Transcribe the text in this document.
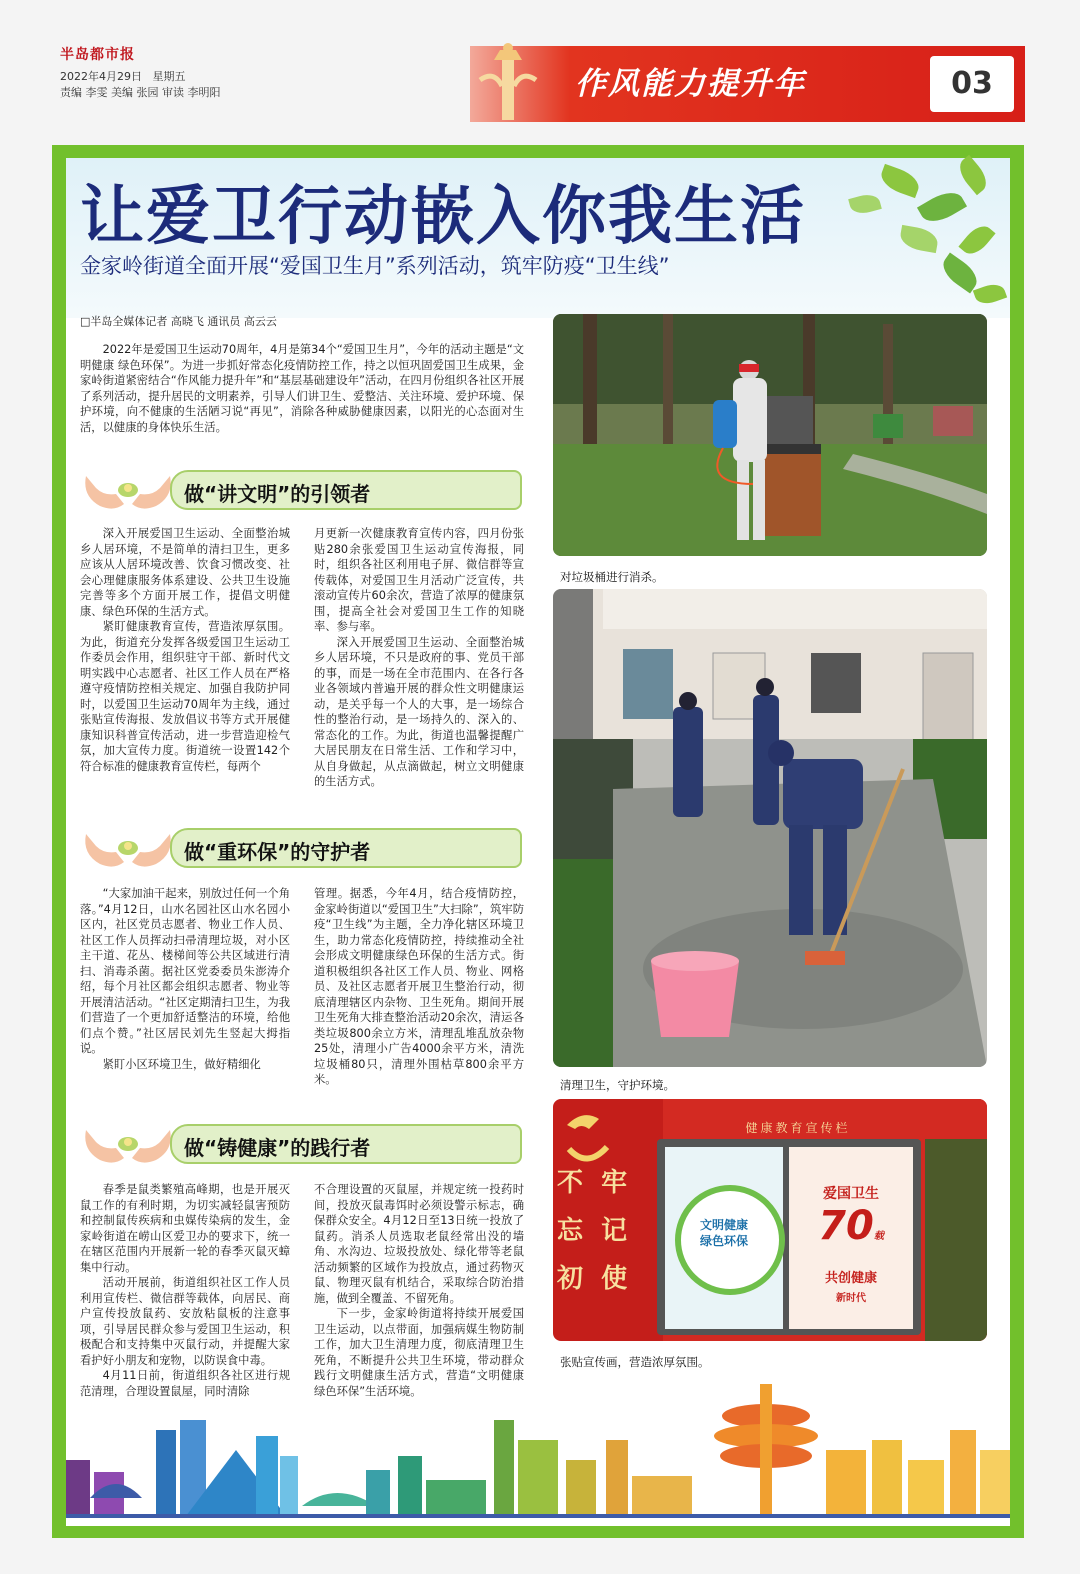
半岛都市报
2022年4月29日 星期五
责编 李雯 美编 张园 审读 李明阳	作风能力提升年	03
让爱卫行动嵌入你我生活
金家岭街道全面开展“爱国卫生月”系列活动，筑牢防疫“卫生线”
□半岛全媒体记者 高晓飞 通讯员 高云云

2022年是爱国卫生运动70周年，4月是第34个“爱国卫生月”，今年的活动主题是“文明健康 绿色环保”。为进一步抓好常态化疫情防控工作，持之以恒巩固爱国卫生成果，金家岭街道紧密结合“作风能力提升年”和“基层基础建设年”活动，在四月份组织各社区开展了系列活动，提升居民的文明素养，引导人们讲卫生、爱整洁、关注环境、爱护环境、保护环境，向不健康的生活陋习说“再见”，消除各种威胁健康因素，以阳光的心态面对生活，以健康的身体快乐生活。

做“讲文明”的引领者

深入开展爱国卫生运动、全面整治城乡人居环境，不是简单的清扫卫生，更多应该从人居环境改善、饮食习惯改变、社会心理健康服务体系建设、公共卫生设施完善等多个方面开展工作，提倡文明健康、绿色环保的生活方式。

紧盯健康教育宣传，营造浓厚氛围。为此，街道充分发挥各级爱国卫生运动工作委员会作用，组织驻守干部、新时代文明实践中心志愿者、社区工作人员在严格遵守疫情防控相关规定、加强自我防护同时，以爱国卫生运动70周年为主线，通过张贴宣传海报、发放倡议书等方式开展健康知识科普宣传活动，进一步营造迎检气氛，加大宣传力度。街道统一设置142个符合标准的健康教育宣传栏，每两个

月更新一次健康教育宣传内容，四月份张贴280余张爱国卫生运动宣传海报，同时，组织各社区利用电子屏、微信群等宣传载体，对爱国卫生月活动广泛宣传，共滚动宣传片60余次，营造了浓厚的健康氛围，提高全社会对爱国卫生工作的知晓率、参与率。

深入开展爱国卫生运动、全面整治城乡人居环境，不只是政府的事、党员干部的事，而是一场在全市范围内、在各行各业各领域内普遍开展的群众性文明健康运动，是关乎每一个人的大事，是一场综合性的整治行动，是一场持久的、深入的、常态化的工作。为此，街道也温馨提醒广大居民朋友在日常生活、工作和学习中，从自身做起，从点滴做起，树立文明健康的生活方式。

做“重环保”的守护者

“大家加油干起来，别放过任何一个角落。”4月12日，山水名园社区山水名园小区内，社区党员志愿者、物业工作人员、社区工作人员挥动扫帚清理垃圾，对小区主干道、花丛、楼梯间等公共区域进行清扫、消毒杀菌。据社区党委委员朱澎涛介绍，每个月社区都会组织志愿者、物业等开展清洁活动。“社区定期清扫卫生，为我们营造了一个更加舒适整洁的环境，给他们点个赞。”社区居民刘先生竖起大拇指说。

紧盯小区环境卫生，做好精细化

管理。据悉，今年4月，结合疫情防控，金家岭街道以“爱国卫生”大扫除”，筑牢防疫“卫生线”为主题，全力净化辖区环境卫生，助力常态化疫情防控，持续推动全社会形成文明健康绿色环保的生活方式。街道积极组织各社区工作人员、物业、网格员、及社区志愿者开展卫生整治行动，彻底清理辖区内杂物、卫生死角。期间开展卫生死角大排查整治活动20余次，清运各类垃圾800余立方米，清理乱堆乱放杂物25处，清理小广告4000余平方米，清洗垃圾桶80只，清理外围枯草800余平方米。

做“铸健康”的践行者

春季是鼠类繁殖高峰期，也是开展灭鼠工作的有利时期，为切实减轻鼠害预防和控制鼠传疾病和虫媒传染病的发生，金家岭街道在崂山区爱卫办的要求下，统一在辖区范围内开展新一轮的春季灭鼠灭蟑集中行动。

活动开展前，街道组织社区工作人员利用宣传栏、微信群等载体，向居民、商户宣传投放鼠药、安放粘鼠板的注意事项，引导居民群众参与爱国卫生运动，积极配合和支持集中灭鼠行动，并提醒大家看护好小朋友和宠物，以防误食中毒。

4月11日前，街道组织各社区进行规范清理，合理设置鼠屋，同时清除

不合理设置的灭鼠屋，并规定统一投药时间，投放灭鼠毒饵时必须设警示标志，确保群众安全。4月12日至13日统一投放了鼠药。消杀人员选取老鼠经常出没的墙角、水沟边、垃圾投放处、绿化带等老鼠活动频繁的区域作为投放点，通过药物灭鼠、物理灭鼠有机结合，采取综合防治措施，做到全覆盖、不留死角。

下一步，金家岭街道将持续开展爱国卫生运动，以点带面，加强病媒生物防制工作，加大卫生清理力度，彻底清理卫生死角，不断提升公共卫生环境，带动群众践行文明健康生活方式，营造“文明健康 绿色环保”生活环境。

对垃圾桶进行消杀。
清理卫生，守护环境。
不 牢
忘 记
初 使
健康教育宣传栏
文明健康
绿色环保
爱国卫生
70载
共创健康
新时代
张贴宣传画，营造浓厚氛围。
